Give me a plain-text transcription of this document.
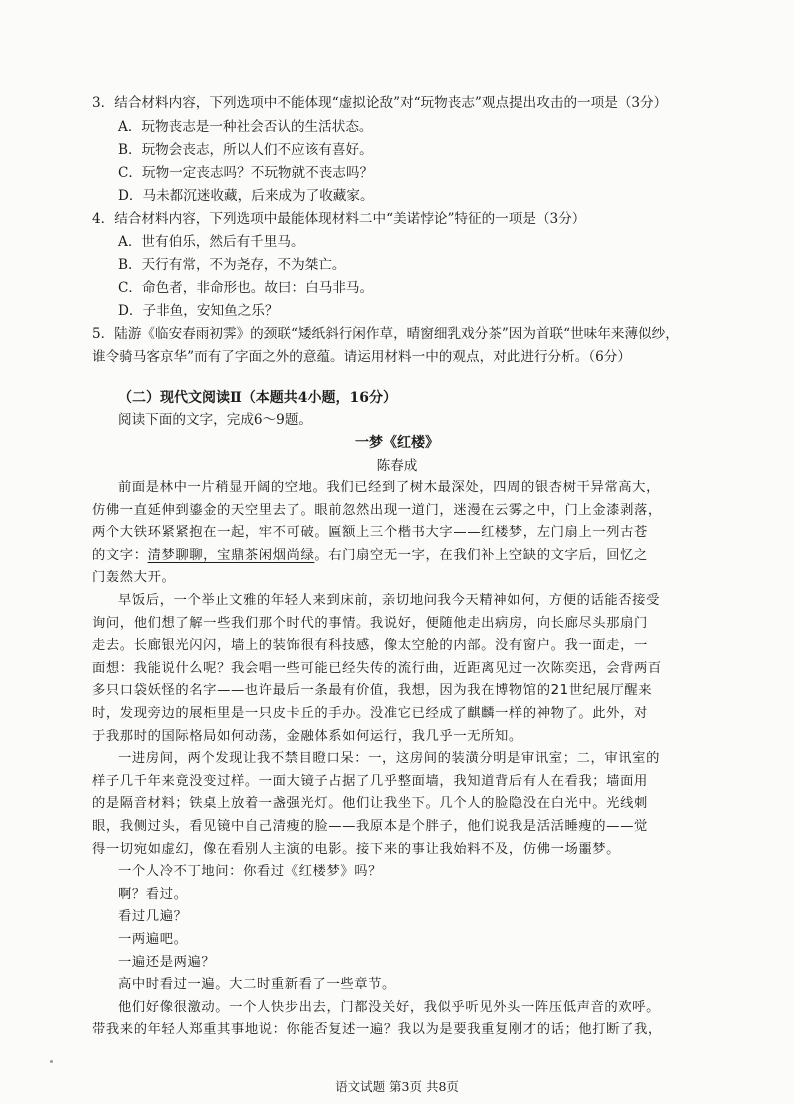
3．结合材料内容，下列选项中不能体现“虚拟论敌”对“玩物丧志”观点提出攻击的一项是（3分）
A．玩物丧志是一种社会否认的生活状态。
B．玩物会丧志，所以人们不应该有喜好。
C．玩物一定丧志吗？不玩物就不丧志吗？
D．马未都沉迷收藏，后来成为了收藏家。
4．结合材料内容，下列选项中最能体现材料二中“美诺悖论”特征的一项是（3分）
A．世有伯乐，然后有千里马。
B．天行有常，不为尧存，不为桀亡。
C．命色者，非命形也。故曰：白马非马。
D．子非鱼，安知鱼之乐？
5．陆游《临安春雨初霁》的颈联“矮纸斜行闲作草，晴窗细乳戏分茶”因为首联“世味年来薄似纱，
谁令骑马客京华”而有了字面之外的意蕴。请运用材料一中的观点，对此进行分析。（6分）
（二）现代文阅读Ⅱ（本题共4小题，16分）
阅读下面的文字，完成6～9题。
一梦《红楼》
陈春成
前面是林中一片稍显开阔的空地。我们已经到了树木最深处，四周的银杏树干异常高大，
仿佛一直延伸到鎏金的天空里去了。眼前忽然出现一道门，迷漫在云雾之中，门上金漆剥落，
两个大铁环紧紧抱在一起，牢不可破。匾额上三个楷书大字——红楼梦，左门扇上一列古苍
的文字：清梦聊聊，宝鼎茶闲烟尚绿。右门扇空无一字，在我们补上空缺的文字后，回忆之
门轰然大开。
早饭后，一个举止文雅的年轻人来到床前，亲切地问我今天精神如何，方便的话能否接受
询问，他们想了解一些我们那个时代的事情。我说好，便随他走出病房，向长廊尽头那扇门
走去。长廊银光闪闪，墙上的装饰很有科技感，像太空舱的内部。没有窗户。我一面走，一
面想：我能说什么呢？我会唱一些可能已经失传的流行曲，近距离见过一次陈奕迅，会背两百
多只口袋妖怪的名字——也许最后一条最有价值，我想，因为我在博物馆的21世纪展厅醒来
时，发现旁边的展柜里是一只皮卡丘的手办。没准它已经成了麒麟一样的神物了。此外，对
于我那时的国际格局如何动荡，金融体系如何运行，我几乎一无所知。
一进房间，两个发现让我不禁目瞪口呆：一，这房间的装潢分明是审讯室；二，审讯室的
样子几千年来竟没变过样。一面大镜子占据了几乎整面墙，我知道背后有人在看我；墙面用
的是隔音材料；铁桌上放着一盏强光灯。他们让我坐下。几个人的脸隐没在白光中。光线刺
眼，我侧过头，看见镜中自己清瘦的脸——我原本是个胖子，他们说我是活活睡瘦的——觉
得一切宛如虚幻，像在看别人主演的电影。接下来的事让我始料不及，仿佛一场噩梦。
一个人冷不丁地问：你看过《红楼梦》吗？
啊？看过。
看过几遍？
一两遍吧。
一遍还是两遍？
高中时看过一遍。大二时重新看了一些章节。
他们好像很激动。一个人快步出去，门都没关好，我似乎听见外头一阵压低声音的欢呼。
带我来的年轻人郑重其事地说：你能否复述一遍？我以为是要我重复刚才的话；他打断了我，
语文试题 第3页 共8页
